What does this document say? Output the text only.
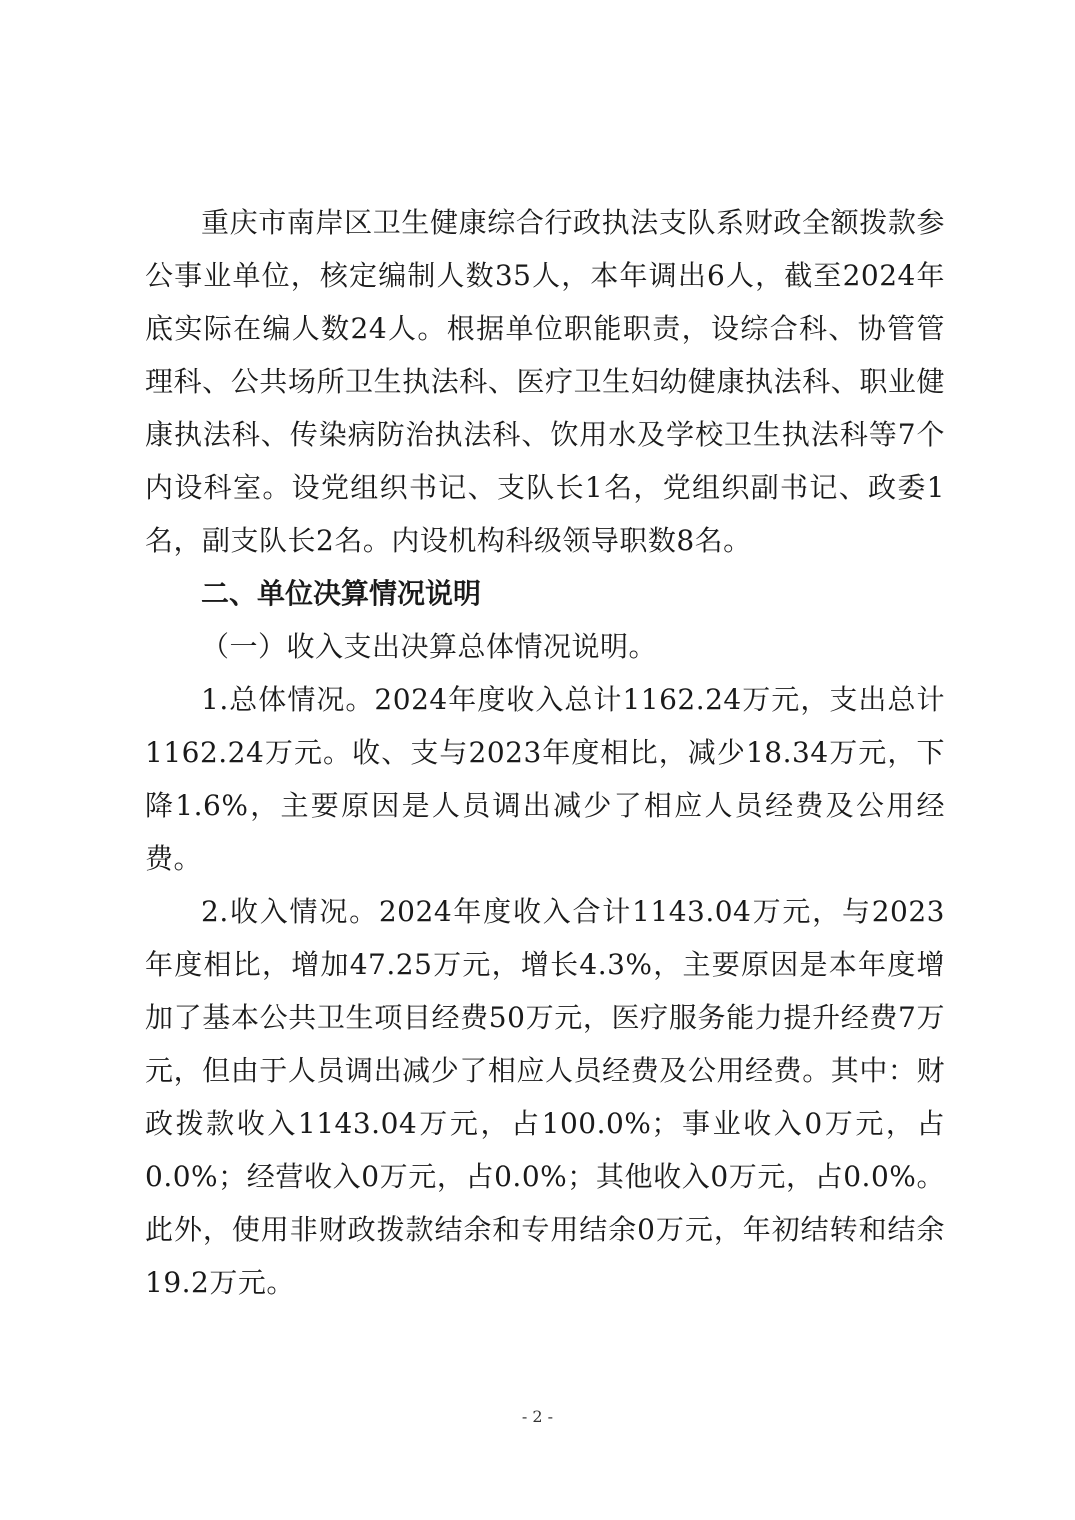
重庆市南岸区卫生健康综合行政执法支队系财政全额拨款参公事业单位，核定编制人数35人，本年调出6人，截至2024年底实际在编人数24人。根据单位职能职责，设综合科、协管管理科、公共场所卫生执法科、医疗卫生妇幼健康执法科、职业健康执法科、传染病防治执法科、饮用水及学校卫生执法科等7个内设科室。设党组织书记、支队长1名，党组织副书记、政委1名，副支队长2名。内设机构科级领导职数8名。

二、单位决算情况说明

（一）收入支出决算总体情况说明。

1.总体情况。2024年度收入总计1162.24万元，支出总计1162.24万元。收、支与2023年度相比，减少18.34万元，下降1.6%，主要原因是人员调出减少了相应人员经费及公用经费。

2.收入情况。2024年度收入合计1143.04万元，与2023年度相比，增加47.25万元，增长4.3%，主要原因是本年度增加了基本公共卫生项目经费50万元，医疗服务能力提升经费7万元，但由于人员调出减少了相应人员经费及公用经费。其中：财政拨款收入1143.04万元，占100.0%；事业收入0万元，占0.0%；经营收入0万元，占0.0%；其他收入0万元，占0.0%。此外，使用非财政拨款结余和专用结余0万元，年初结转和结余19.2万元。

- 2 -
